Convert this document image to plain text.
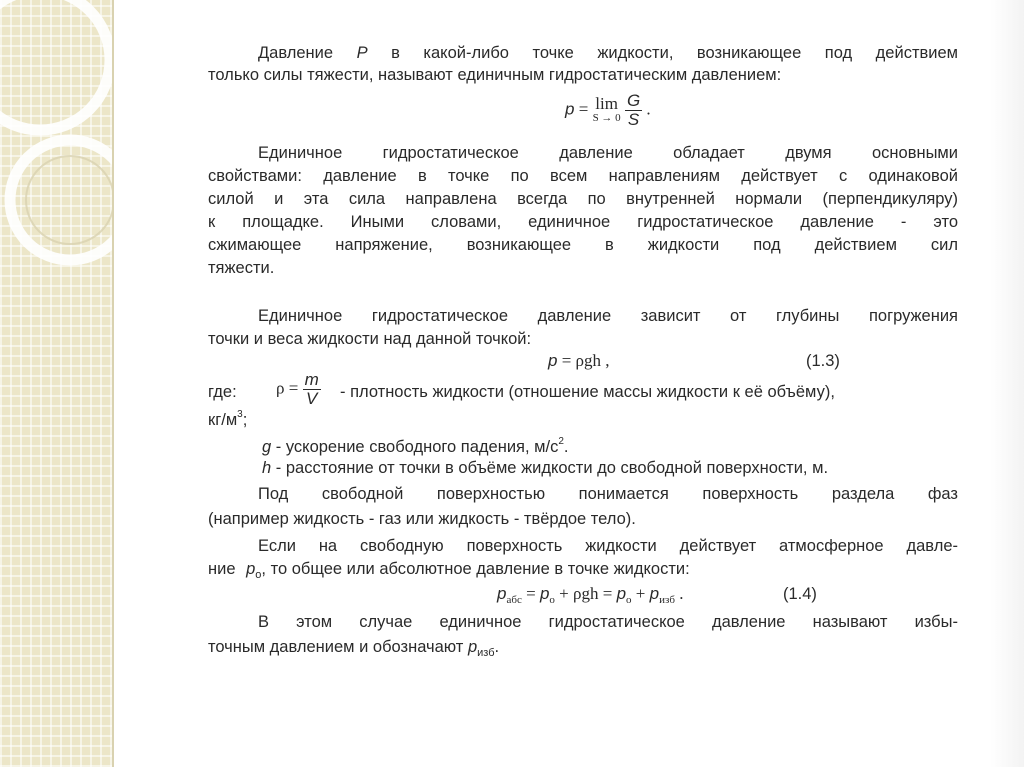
Давление P в какой-либо точке жидкости, возникающее под действием
только силы тяжести, называют единичным гидростатическим давлением:
p = lim
S → 0
$\frac{G}{S}$ .
Единичное гидростатическое давление обладает двумя основными
свойствами: давление в точке по всем направлениям действует с одинаковой
силой и эта сила направлена всегда по внутренней нормали (перпендикуляру)
к площадке. Иными словами, единичное гидростатическое давление - это
сжимающее напряжение, возникающее в жидкости под действием сил
тяжести.
Единичное гидростатическое давление зависит от глубины погружения
точки и веса жидкости над данной точкой:
p = ρgh ,	(1.3)
где:	$\rho = \frac{m}{V}$ - плотность жидкости (отношение массы жидкости к её объёму),
$кг/м^3$;
g - ускорение свободного падения, $м/с^2$.
h - расстояние от точки в объёме жидкости до свободной поверхности, м.
Под свободной поверхностью понимается поверхность раздела фаз
(например жидкость - газ или жидкость - твёрдое тело).
Если на свободную поверхность жидкости действует атмосферное давле-
ние $p_о$, то общее или абсолютное давление в точке жидкости:
$p_{абс} = p_о + \rho gh = p_о + p_{изб}$ .	(1.4)
В этом случае единичное гидростатическое давление называют избы-
точным давлением и обозначают $p_{изб}$.
